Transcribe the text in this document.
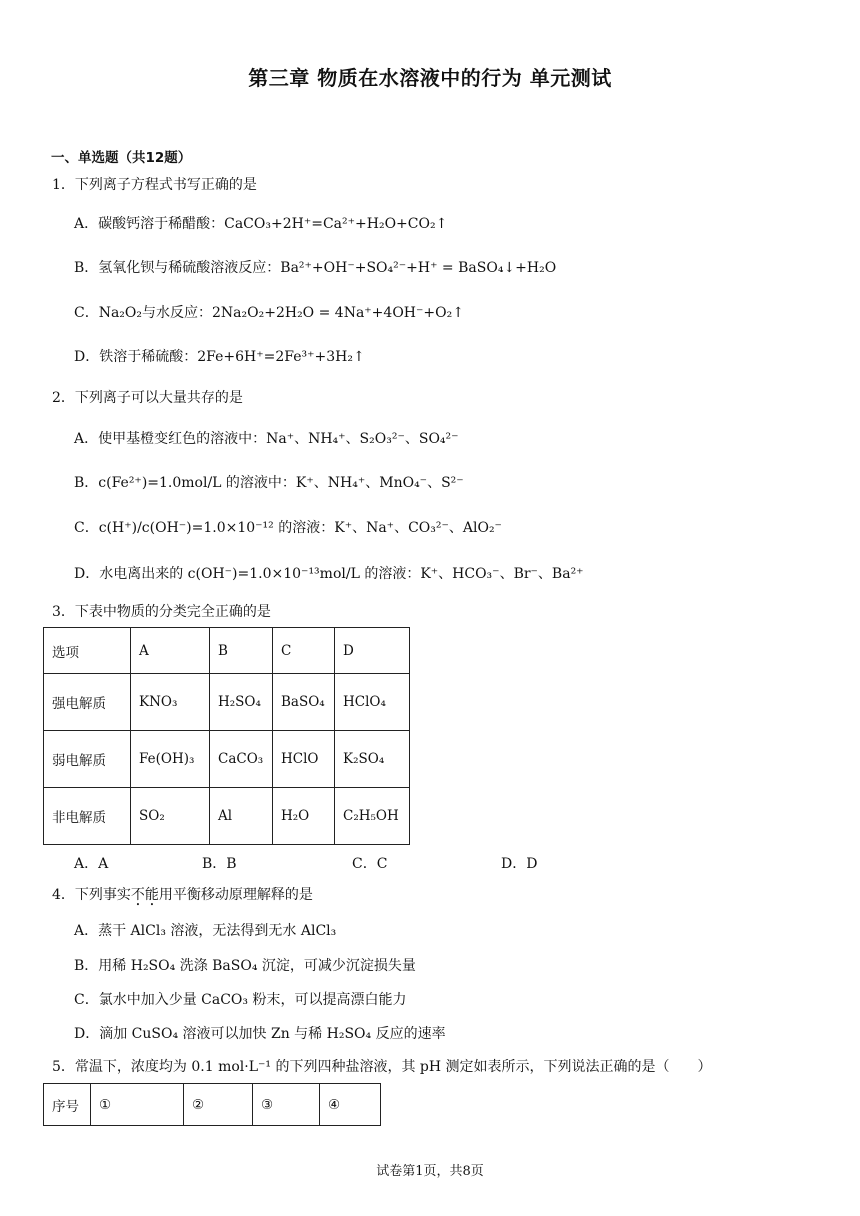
第三章 物质在水溶液中的行为 单元测试
一、单选题（共12题）
1．下列离子方程式书写正确的是
A．碳酸钙溶于稀醋酸：CaCO₃+2H⁺=Ca²⁺+H₂O+CO₂↑
B．氢氧化钡与稀硫酸溶液反应：Ba²⁺+OH⁻+SO₄²⁻+H⁺ = BaSO₄↓+H₂O
C．Na₂O₂与水反应：2Na₂O₂+2H₂O = 4Na⁺+4OH⁻+O₂↑
D．铁溶于稀硫酸：2Fe+6H⁺=2Fe³⁺+3H₂↑
2．下列离子可以大量共存的是
A．使甲基橙变红色的溶液中：Na⁺、NH₄⁺、S₂O₃²⁻、SO₄²⁻
B．c(Fe²⁺)=1.0mol/L 的溶液中：K⁺、NH₄⁺、MnO₄⁻、S²⁻
C．c(H⁺)/c(OH⁻)=1.0×10⁻¹² 的溶液：K⁺、Na⁺、CO₃²⁻、AlO₂⁻
D．水电离出来的 c(OH⁻)=1.0×10⁻¹³mol/L 的溶液：K⁺、HCO₃⁻、Br⁻、Ba²⁺
3．下表中物质的分类完全正确的是
选项	A	B	C	D
强电解质	KNO₃	H₂SO₄	BaSO₄	HClO₄
弱电解质	Fe(OH)₃	CaCO₃	HClO	K₂SO₄
非电解质	SO₂	Al	H₂O	C₂H₅OH
A．A	B．B	C．C	D．D
4．下列事实不能用平衡移动原理解释的是
A．蒸干 AlCl₃ 溶液，无法得到无水 AlCl₃
B．用稀 H₂SO₄ 洗涤 BaSO₄ 沉淀，可减少沉淀损失量
C．氯水中加入少量 CaCO₃ 粉末，可以提高漂白能力
D．滴加 CuSO₄ 溶液可以加快 Zn 与稀 H₂SO₄ 反应的速率
5．常温下，浓度均为 0.1 mol·L⁻¹ 的下列四种盐溶液，其 pH 测定如表所示，下列说法正确的是（　　）
序号	①	②	③	④
试卷第1页，共8页
